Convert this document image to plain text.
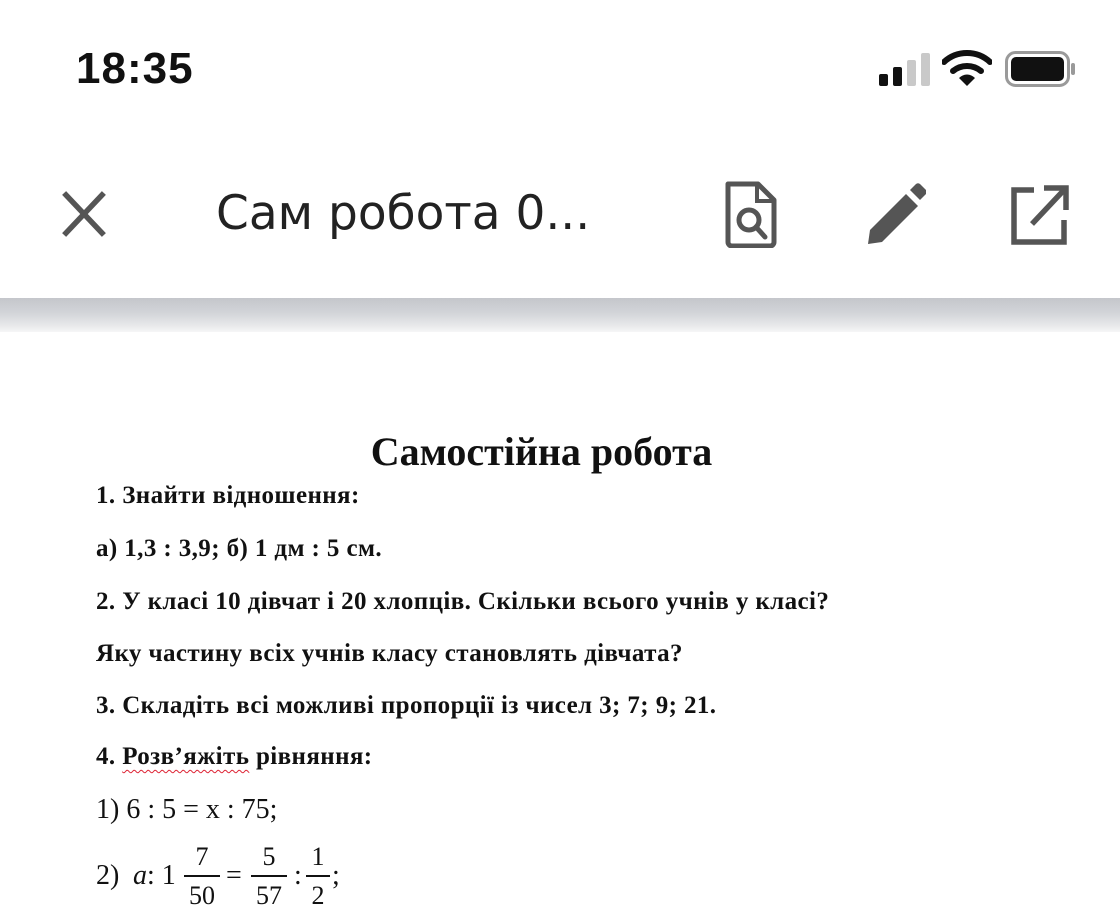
18:35
Сам робота 0...
Самостійна робота
1. Знайти відношення:
а) 1,3 : 3,9; б) 1 дм : 5 см.
2. У класі 10 дівчат і 20 хлопців. Скільки всього учнів у класі?
Яку частину всіх учнів класу становлять дівчата?
3. Складіть всі можливі пропорції із чисел 3; 7; 9; 21.
4. Розв’яжіть рівняння:
1) 6 : 5 = x : 75;
2) a : 1
7
50
=
5
57
:
1
2
;
